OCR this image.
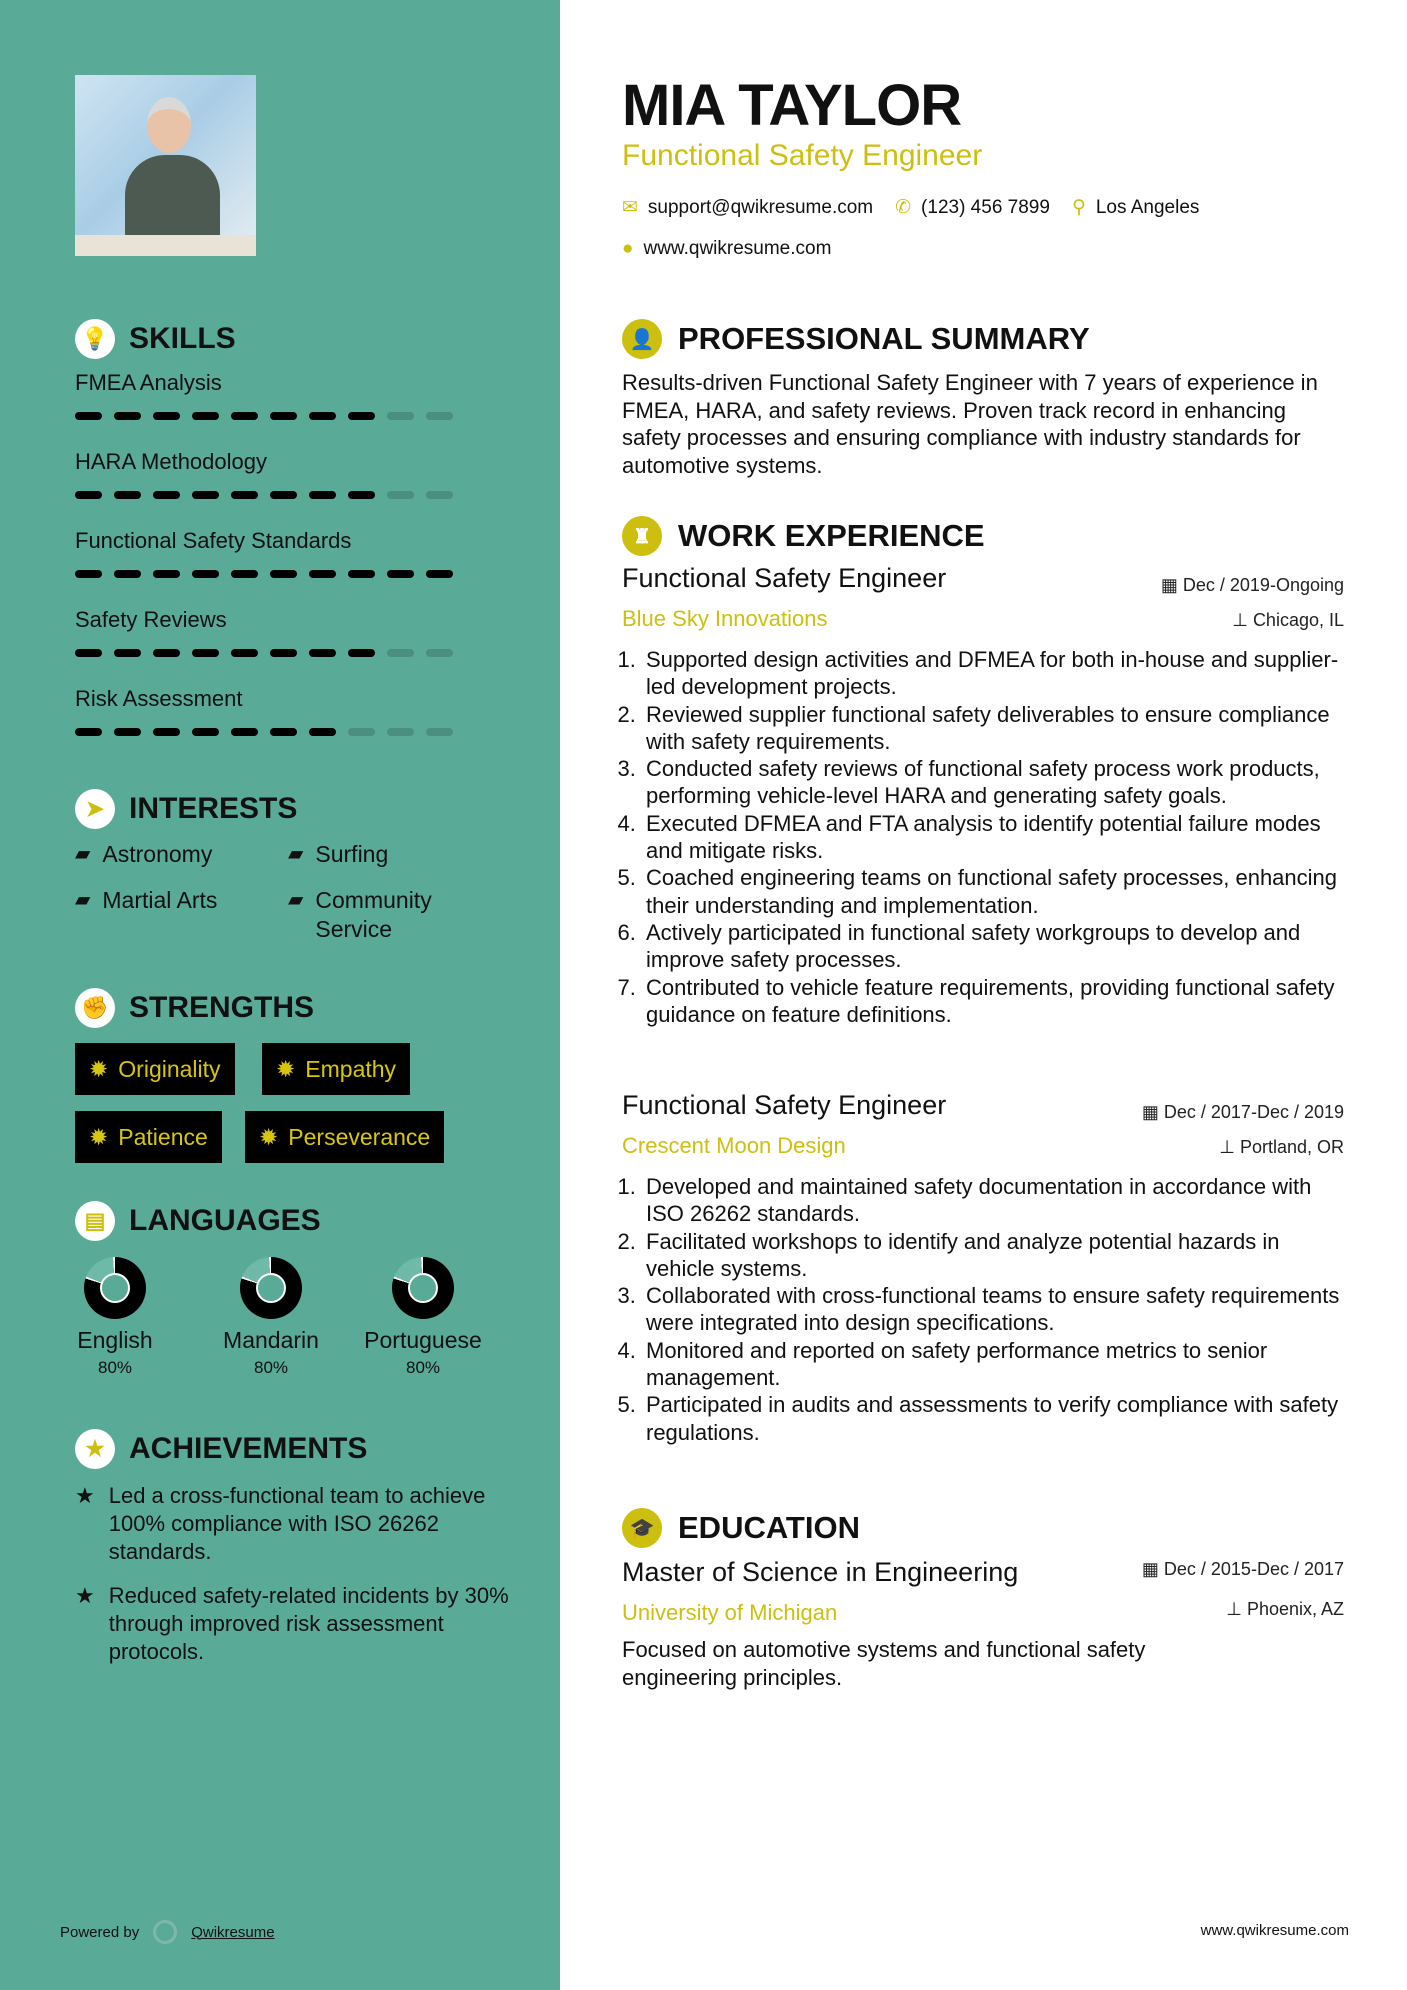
💡 SKILLS
FMEA Analysis
HARA Methodology
Functional Safety Standards
Safety Reviews
Risk Assessment
➤ INTERESTS
▰ Astronomy	▰ Surfing
▰ Martial Arts	▰ Community Service
✊ STRENGTHS
✹ Originality ✹ Empathy
✹ Patience ✹ Perseverance
▤ LANGUAGES
English
80%
Mandarin
80%
Portuguese
80%
★ ACHIEVEMENTS
★ Led a cross-functional team to achieve 100% compliance with ISO 26262 standards.
★ Reduced safety-related incidents by 30% through improved risk assessment protocols.
Powered by	Qwikresume	www.qwikresume.com
MIA TAYLOR
Functional Safety Engineer
✉ support@qwikresume.com ✆ (123) 456 7899 ⚲ Los Angeles
● www.qwikresume.com
👤 PROFESSIONAL SUMMARY
Results-driven Functional Safety Engineer with 7 years of experience in FMEA, HARA, and safety reviews. Proven track record in enhancing safety processes and ensuring compliance with industry standards for automotive systems.
♜ WORK EXPERIENCE
▦ Dec / 2019-Ongoing
⊥ Chicago, IL
Functional Safety Engineer
Blue Sky Innovations
1. Supported design activities and DFMEA for both in-house and supplier-led development projects.
2. Reviewed supplier functional safety deliverables to ensure compliance with safety requirements.
3. Conducted safety reviews of functional safety process work products, performing vehicle-level HARA and generating safety goals.
4. Executed DFMEA and FTA analysis to identify potential failure modes and mitigate risks.
5. Coached engineering teams on functional safety processes, enhancing their understanding and implementation.
6. Actively participated in functional safety workgroups to develop and improve safety processes.
7. Contributed to vehicle feature requirements, providing functional safety guidance on feature definitions.
▦ Dec / 2017-Dec / 2019
⊥ Portland, OR
Functional Safety Engineer
Crescent Moon Design
1. Developed and maintained safety documentation in accordance with ISO 26262 standards.
2. Facilitated workshops to identify and analyze potential hazards in vehicle systems.
3. Collaborated with cross-functional teams to ensure safety requirements were integrated into design specifications.
4. Monitored and reported on safety performance metrics to senior management.
5. Participated in audits and assessments to verify compliance with safety regulations.
🎓 EDUCATION
▦ Dec / 2015-Dec / 2017
⊥ Phoenix, AZ
Master of Science in Engineering
University of Michigan
Focused on automotive systems and functional safety engineering principles.
